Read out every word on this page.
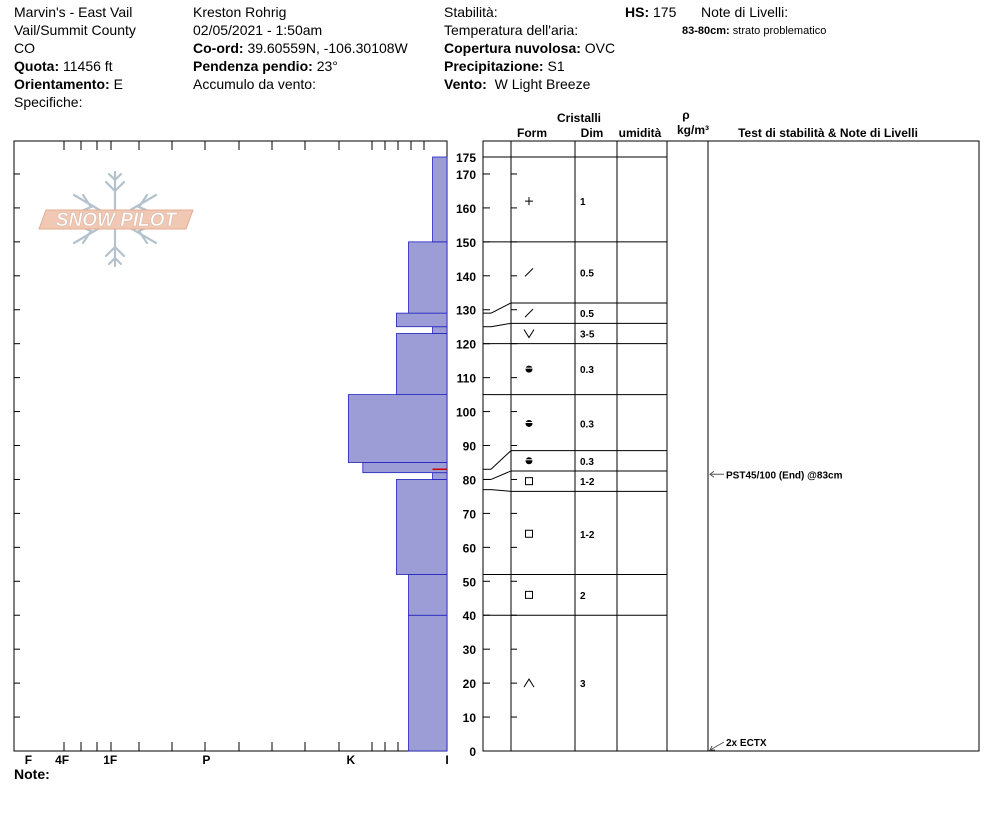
Marvin's - East Vail
Vail/Summit County
CO
Quota: 11456 ft
Orientamento: E
Specifiche:
Kreston Rohrig
02/05/2021 - 1:50am
Co-ord: 39.60559N, -106.30108W
Pendenza pendio: 23°
Accumulo da vento:
Stabilità:
Temperatura dell'aria:
Copertura nuvolosa: OVC
Precipitazione: S1
Vento: W Light Breeze
HS: 175 Note di Livelli:
83-80cm: strato problematico
SNOW PILOT
I
K
P
1F
4F
F
0
10
20
30
40
50
60
70
80
90
100
110
120
130
140
150
160
170
175
3
2
1-2
1-2
0.3
0.3
0.3
3-5
0.5
0.5
1
PST45/100 (End) @83cm
2x ECTX
Cristalli
Form	Dim umidità
ρ
kg/m³ Test di stabilità & Note di Livelli
Note:
